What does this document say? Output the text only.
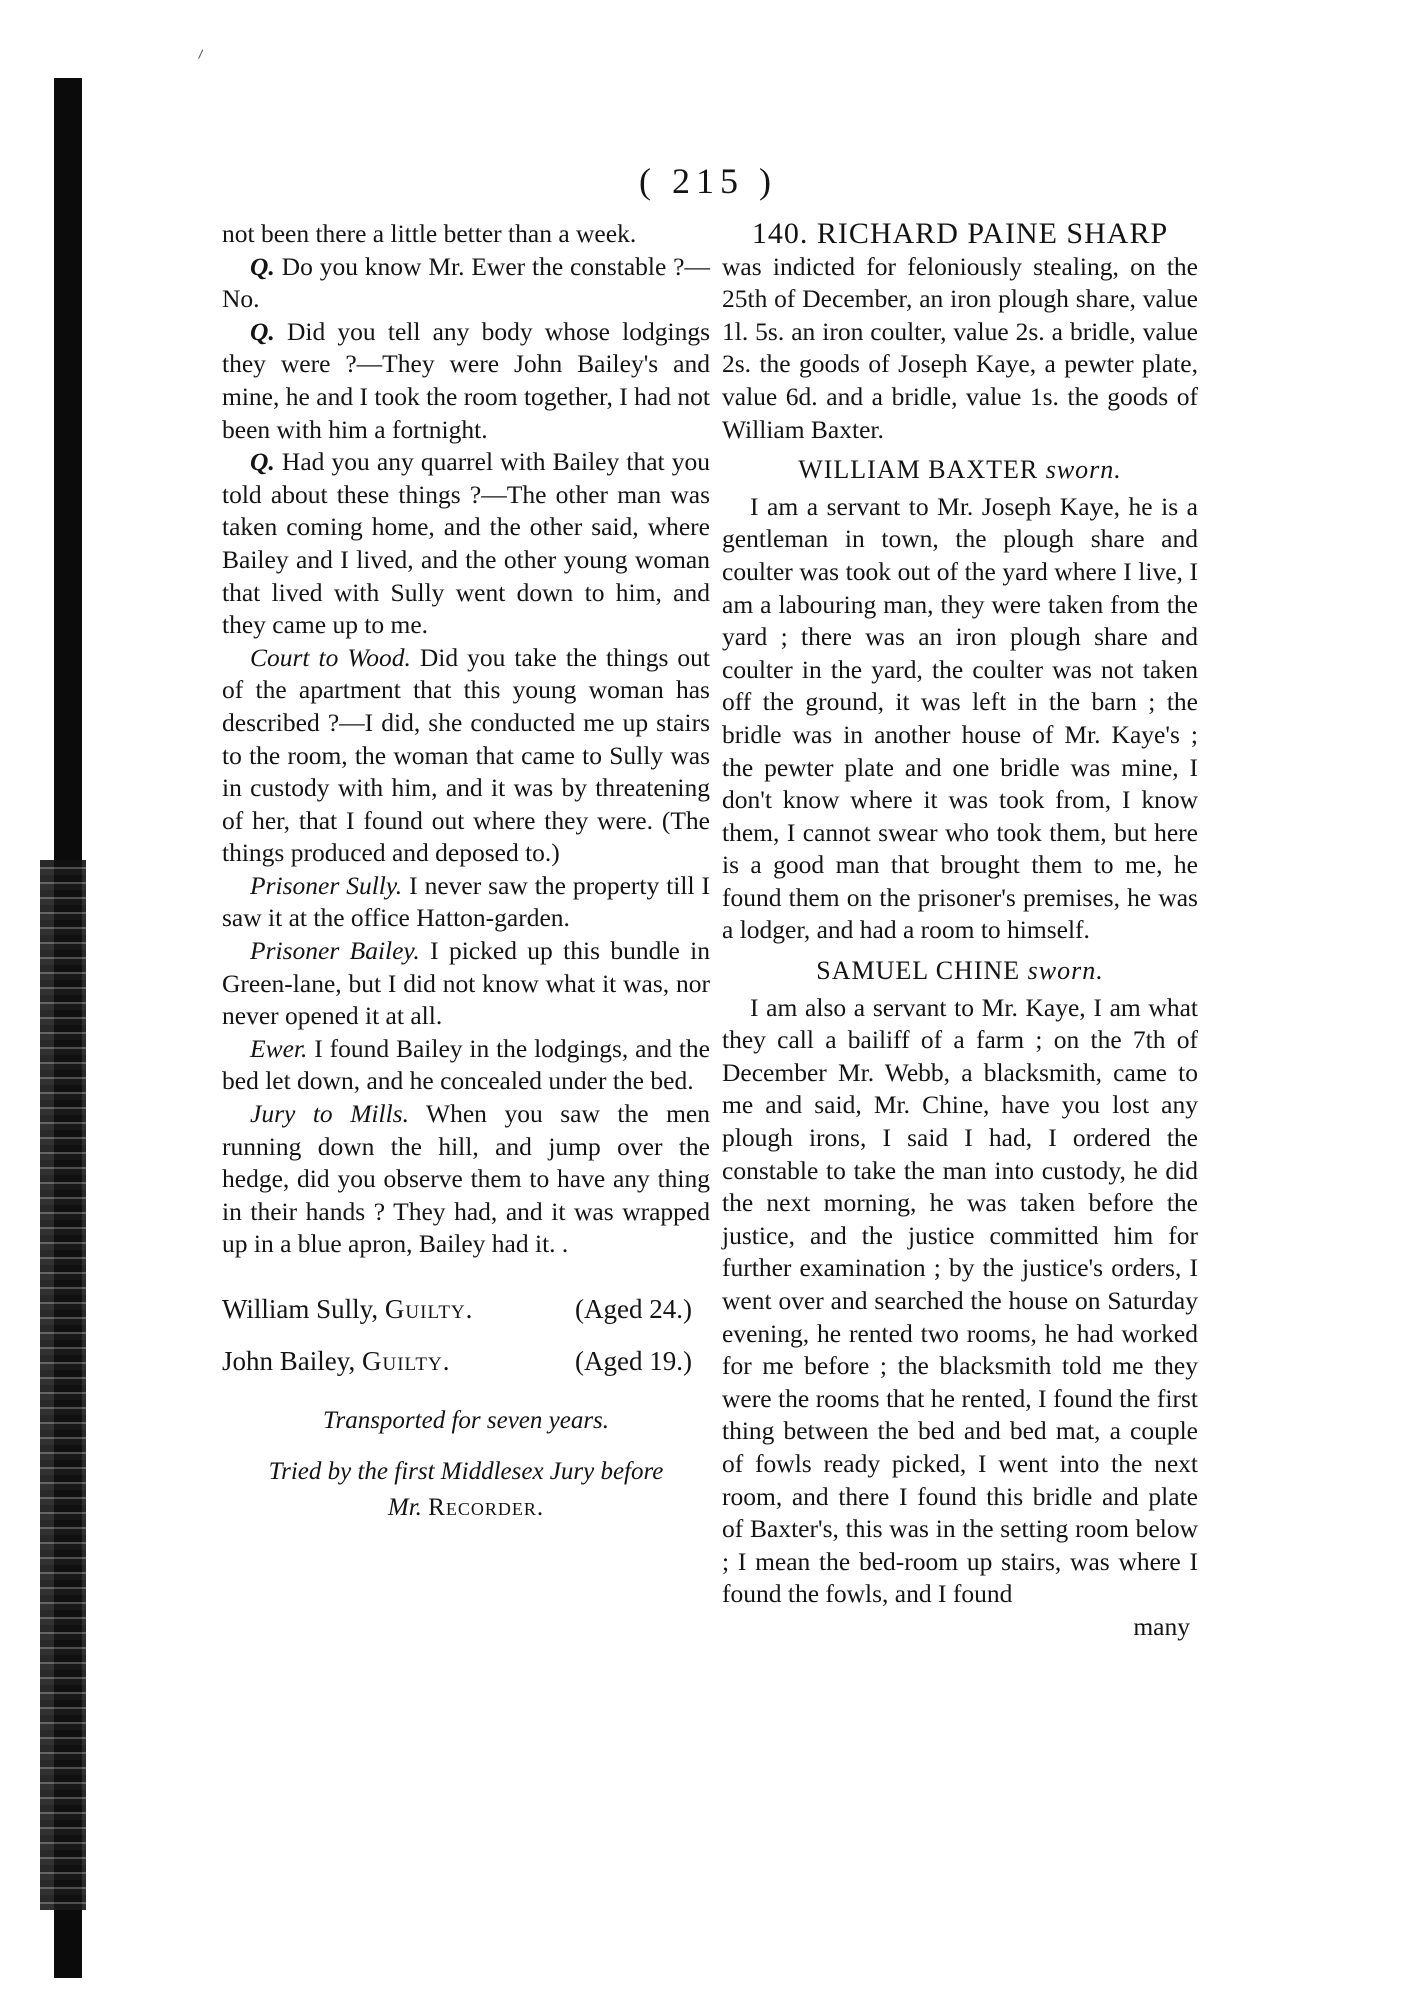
( 215 )

not been there a little better than a week.

Q. Do you know Mr. Ewer the constable ?—No.

Q. Did you tell any body whose lodgings they were ?—They were John Bailey's and mine, he and I took the room together, I had not been with him a fortnight.

Q. Had you any quarrel with Bailey that you told about these things ?—The other man was taken coming home, and the other said, where Bailey and I lived, and the other young woman that lived with Sully went down to him, and they came up to me.

Court to Wood. Did you take the things out of the apartment that this young woman has described ?—I did, she conducted me up stairs to the room, the woman that came to Sully was in custody with him, and it was by threatening of her, that I found out where they were. (The things produced and deposed to.)

Prisoner Sully. I never saw the property till I saw it at the office Hatton-garden.

Prisoner Bailey. I picked up this bundle in Green-lane, but I did not know what it was, nor never opened it at all.

Ewer. I found Bailey in the lodgings, and the bed let down, and he concealed under the bed.

Jury to Mills. When you saw the men running down the hill, and jump over the hedge, did you observe them to have any thing in their hands ? They had, and it was wrapped up in a blue apron, Bailey had it. .

William Sully, Guilty.	(Aged 24.)
John Bailey, Guilty.	(Aged 19.)
Transported for seven years.
Tried by the first Middlesex Jury before
Mr. Recorder.

140. RICHARD PAINE SHARP

was indicted for feloniously stealing, on the 25th of December, an iron plough share, value 1l. 5s. an iron coulter, value 2s. a bridle, value 2s. the goods of Joseph Kaye, a pewter plate, value 6d. and a bridle, value 1s. the goods of William Baxter.

WILLIAM BAXTER sworn.

I am a servant to Mr. Joseph Kaye, he is a gentleman in town, the plough share and coulter was took out of the yard where I live, I am a labouring man, they were taken from the yard ; there was an iron plough share and coulter in the yard, the coulter was not taken off the ground, it was left in the barn ; the bridle was in another house of Mr. Kaye's ; the pewter plate and one bridle was mine, I don't know where it was took from, I know them, I cannot swear who took them, but here is a good man that brought them to me, he found them on the prisoner's premises, he was a lodger, and had a room to himself.

SAMUEL CHINE sworn.

I am also a servant to Mr. Kaye, I am what they call a bailiff of a farm ; on the 7th of December Mr. Webb, a blacksmith, came to me and said, Mr. Chine, have you lost any plough irons, I said I had, I ordered the constable to take the man into custody, he did the next morning, he was taken before the justice, and the justice committed him for further examination ; by the justice's orders, I went over and searched the house on Saturday evening, he rented two rooms, he had worked for me before ; the blacksmith told me they were the rooms that he rented, I found the first thing between the bed and bed mat, a couple of fowls ready picked, I went into the next room, and there I found this bridle and plate of Baxter's, this was in the setting room below ; I mean the bed-room up stairs, was where I found the fowls, and I found

many
